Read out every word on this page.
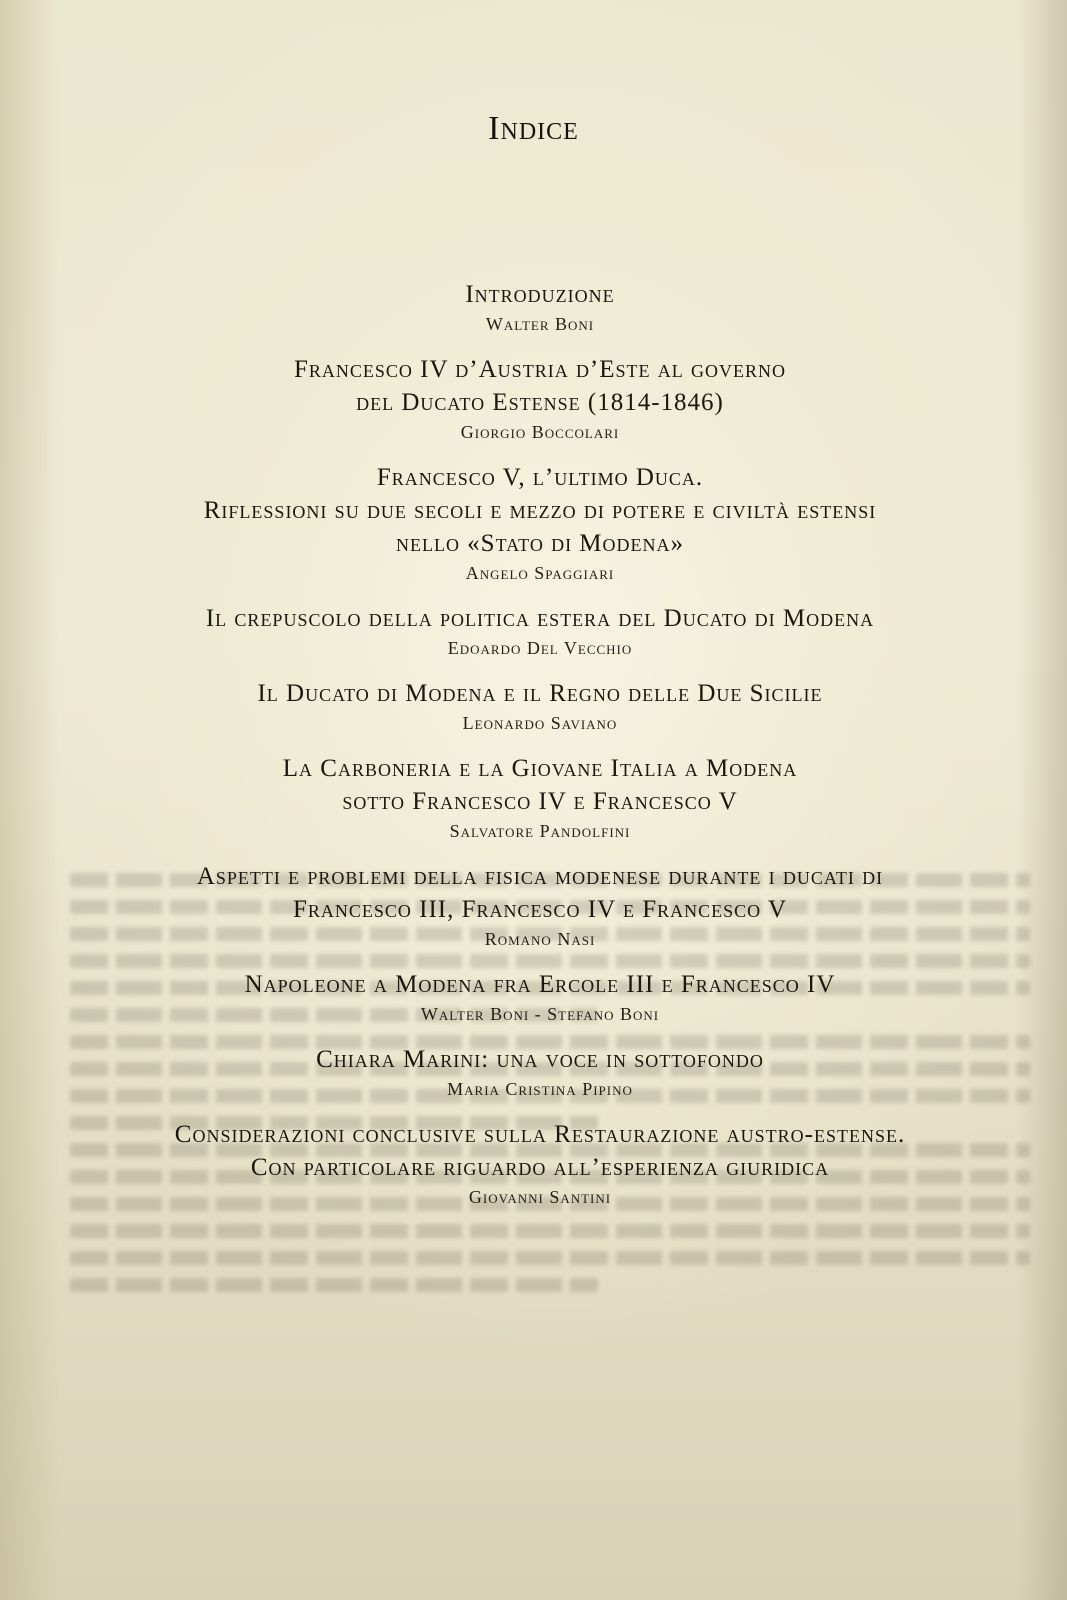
Indice
Introduzione
Walter Boni
Francesco IV d’Austria d’Este al governo
del Ducato Estense (1814-1846)
Giorgio Boccolari
Francesco V, l’ultimo Duca.
Riflessioni su due secoli e mezzo di potere e civiltà estensi
nello «Stato di Modena»
Angelo Spaggiari
Il crepuscolo della politica estera del Ducato di Modena
Edoardo Del Vecchio
Il Ducato di Modena e il Regno delle Due Sicilie
Leonardo Saviano
La Carboneria e la Giovane Italia a Modena
sotto Francesco IV e Francesco V
Salvatore Pandolfini
Aspetti e problemi della fisica modenese durante i ducati di
Francesco III, Francesco IV e Francesco V
Romano Nasi
Napoleone a Modena fra Ercole III e Francesco IV
Walter Boni - Stefano Boni
Chiara Marini: una voce in sottofondo
Maria Cristina Pipino
Considerazioni conclusive sulla Restaurazione austro-estense.
Con particolare riguardo all’esperienza giuridica
Giovanni Santini
